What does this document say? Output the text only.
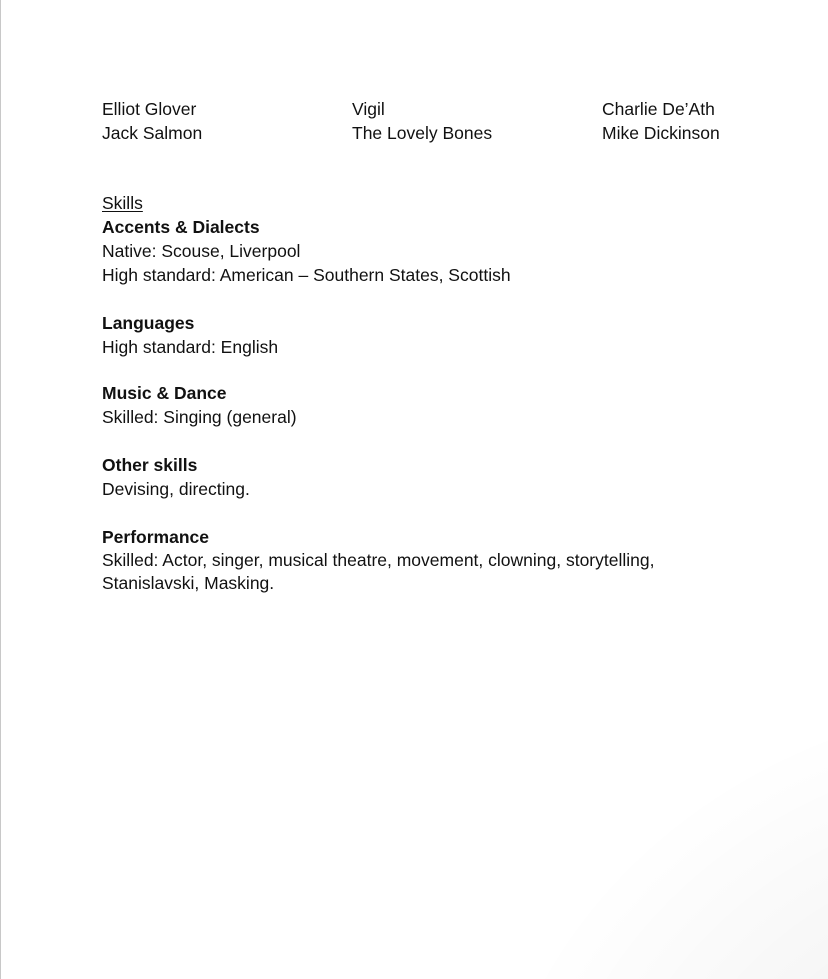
Elliot Glover	Vigil	Charlie De’Ath
Jack Salmon	The Lovely Bones	Mike Dickinson
Skills
Accents & Dialects
Native: Scouse, Liverpool
High standard: American – Southern States, Scottish
Languages
High standard: English
Music & Dance
Skilled: Singing (general)
Other skills
Devising, directing.
Performance
Skilled: Actor, singer, musical theatre, movement, clowning, storytelling,
Stanislavski, Masking.
